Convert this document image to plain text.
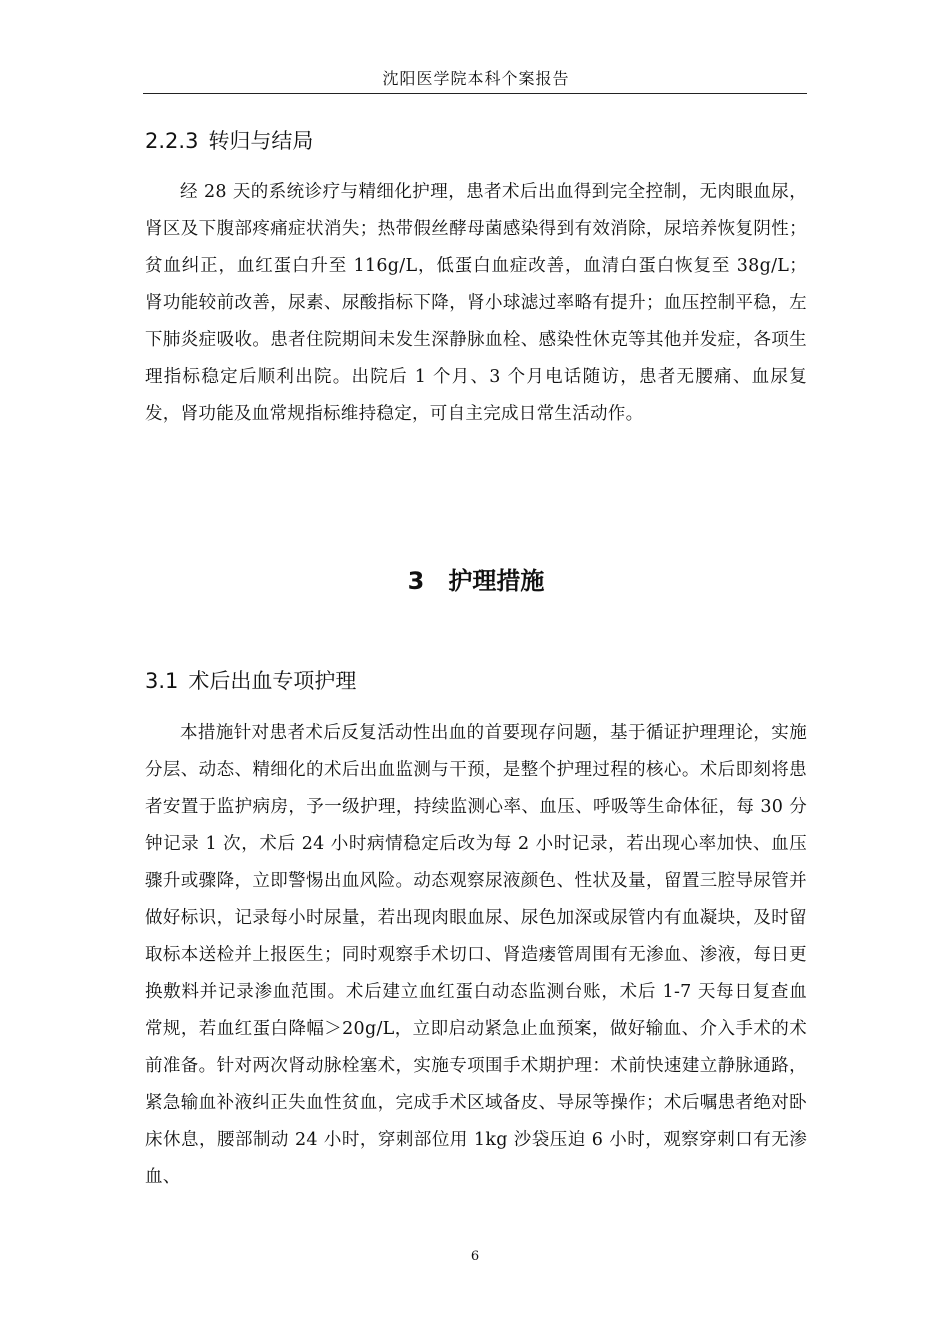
沈阳医学院本科个案报告
2.2.3 转归与结局

经 28 天的系统诊疗与精细化护理，患者术后出血得到完全控制，无肉眼血尿，肾区及下腹部疼痛症状消失；热带假丝酵母菌感染得到有效消除，尿培养恢复阴性；贫血纠正，血红蛋白升至 116g/L，低蛋白血症改善，血清白蛋白恢复至 38g/L；肾功能较前改善，尿素、尿酸指标下降，肾小球滤过率略有提升；血压控制平稳，左下肺炎症吸收。患者住院期间未发生深静脉血栓、感染性休克等其他并发症，各项生理指标稳定后顺利出院。出院后 1 个月、3 个月电话随访，患者无腰痛、血尿复发，肾功能及血常规指标维持稳定，可自主完成日常生活动作。

3 护理措施
3.1 术后出血专项护理

本措施针对患者术后反复活动性出血的首要现存问题，基于循证护理理论，实施分层、动态、精细化的术后出血监测与干预，是整个护理过程的核心。术后即刻将患者安置于监护病房，予一级护理，持续监测心率、血压、呼吸等生命体征，每 30 分钟记录 1 次，术后 24 小时病情稳定后改为每 2 小时记录，若出现心率加快、血压骤升或骤降，立即警惕出血风险。动态观察尿液颜色、性状及量，留置三腔导尿管并做好标识，记录每小时尿量，若出现肉眼血尿、尿色加深或尿管内有血凝块，及时留取标本送检并上报医生；同时观察手术切口、肾造瘘管周围有无渗血、渗液，每日更换敷料并记录渗血范围。术后建立血红蛋白动态监测台账，术后 1-7 天每日复查血常规，若血红蛋白降幅＞20g/L，立即启动紧急止血预案，做好输血、介入手术的术前准备。针对两次肾动脉栓塞术，实施专项围手术期护理：术前快速建立静脉通路，紧急输血补液纠正失血性贫血，完成手术区域备皮、导尿等操作；术后嘱患者绝对卧床休息，腰部制动 24 小时，穿刺部位用 1kg 沙袋压迫 6 小时，观察穿刺口有无渗血、

6
